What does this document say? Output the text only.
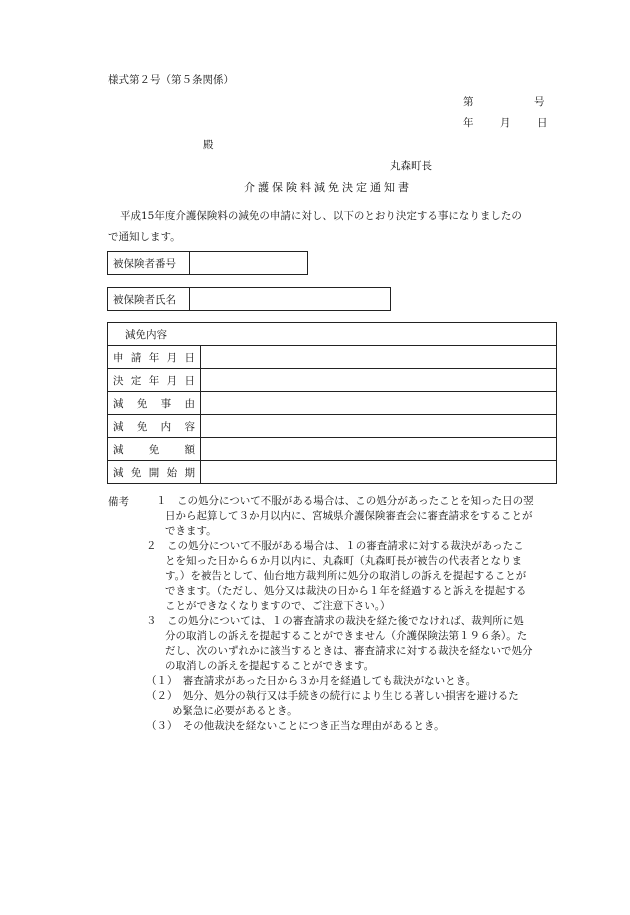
様式第２号（第５条関係）
第	号
年	月	日
殿
丸森町長
介護保険料減免決定通知書
平成15年度介護保険料の減免の申請に対し、以下のとおり決定する事になりましたの
で通知します。
被保険者番号	
被保険者氏名	
減免内容	

申 請 年 月 日	

決 定 年 月 日	

減 免 事 由	

減 免 内 容	

減 免 額	

減 免 開 始 期	

備考	１　 この処分について不服がある場合は、この処分があったことを知った日の翌

日から起算して３か月以内に、宮城県介護保険審査会に審査請求をすることが

できます。

２　 この処分について不服がある場合は、１の審査請求に対する裁決があったこ

とを知った日から６か月以内に、丸森町（丸森町長が被告の代表者となりま

す。）を被告として、仙台地方裁判所に処分の取消しの訴えを提起することが

できます。（ただし、処分又は裁決の日から１年を経過すると訴えを提起する

ことができなくなりますので、ご注意下さい。）

３　 この処分については、１の審査請求の裁決を経た後でなければ、裁判所に処

分の取消しの訴えを提起することができません（介護保険法第１９６条）。た

だし、次のいずれかに該当するときは、審査請求に対する裁決を経ないで処分

の取消しの訴えを提起することができます。

（１）　 審査請求があった日から３か月を経過しても裁決がないとき。

（２）　 処分、処分の執行又は手続きの続行により生じる著しい損害を避けるた

め緊急に必要があるとき。

（３）　 その他裁決を経ないことにつき正当な理由があるとき。
